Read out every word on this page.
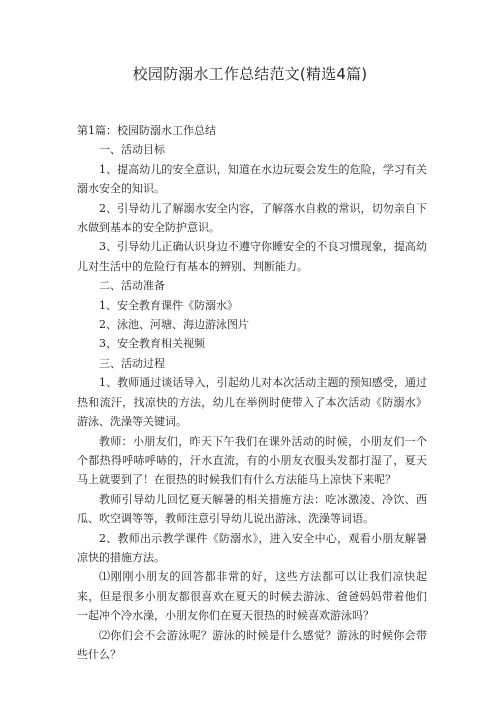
校园防溺水工作总结范文(精选4篇)

第1篇：校园防溺水工作总结

一、活动目标

1、提高幼儿的安全意识，知道在水边玩耍会发生的危险，学习有关溺水安全的知识。

2、引导幼儿了解溺水安全内容，了解落水自救的常识，切勿亲自下水做到基本的安全防护意识。

3、引导幼儿正确认识身边不遵守你睡安全的不良习惯现象，提高幼儿对生活中的危险行有基本的辨别、判断能力。

二、活动准备

1、安全教育课件《防溺水》

2、泳池、河塘、海边游泳图片

3、安全教育相关视频

三、活动过程

1、教师通过谈话导入，引起幼儿对本次活动主题的预知感受，通过热和流汗，找凉快的方法，幼儿在举例时使带入了本次活动《防溺水》游泳、洗澡等关键词。

教师：小朋友们，昨天下午我们在课外活动的时候，小朋友们一个个都热得呼哧呼哧的，汗水直流，有的小朋友衣服头发都打湿了，夏天马上就要到了！在很热的时候我们有什么方法能马上凉快下来呢？

教师引导幼儿回忆夏天解暑的相关措施方法：吃冰激凌、冷饮、西瓜、吹空调等等，教师注意引导幼儿说出游泳、洗澡等词语。

2、教师出示教学课件《防溺水》，进入安全中心，观看小朋友解暑凉快的措施方法。

⑴刚刚小朋友的回答都非常的好，这些方法都可以让我们凉快起来，但是很多小朋友都很喜欢在夏天的时候去游泳、爸爸妈妈带着他们一起冲个冷水澡，小朋友你们在夏天很热的时候喜欢游泳吗？

⑵你们会不会游泳呢？游泳的时候是什么感觉？游泳的时候你会带些什么？
